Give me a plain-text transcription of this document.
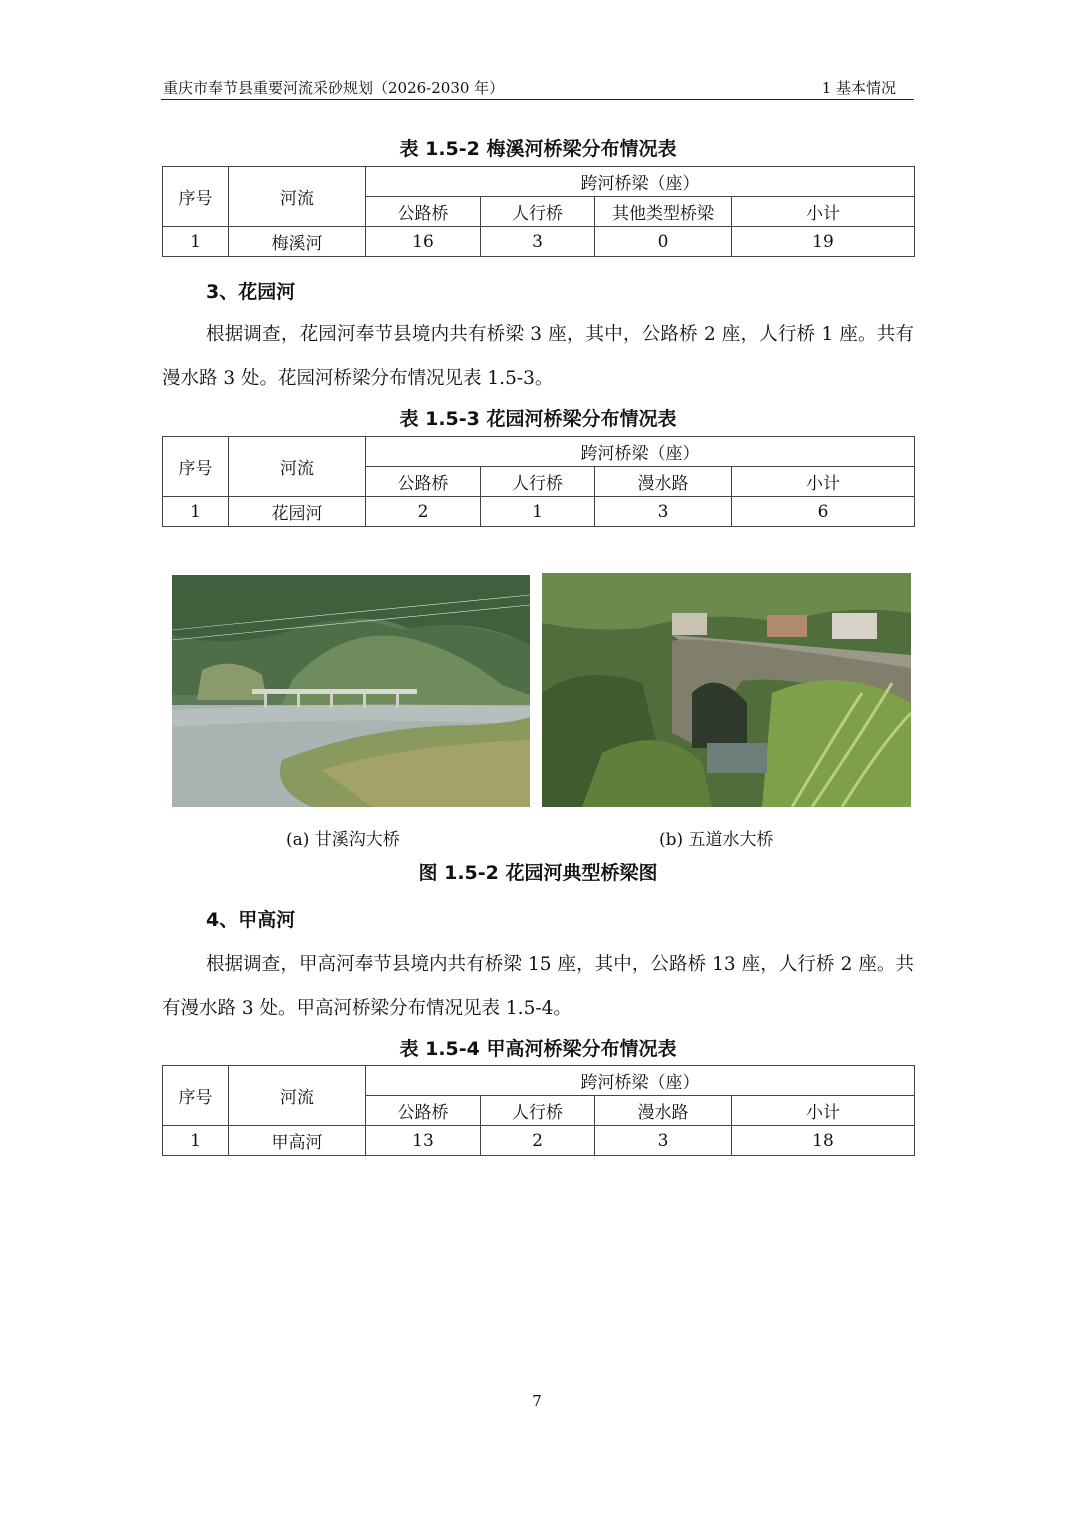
重庆市奉节县重要河流采砂规划（2026-2030 年）	1 基本情况
表 1.5-2 梅溪河桥梁分布情况表
序号	河流	跨河桥梁（座）			
		公路桥	人行桥	其他类型桥梁	小计
1	梅溪河	16	3	0	19
3、花园河

根据调查，花园河奉节县境内共有桥梁 3 座，其中，公路桥 2 座，人行桥 1 座。共有漫水路 3 处。花园河桥梁分布情况见表 1.5-3。

表 1.5-3 花园河桥梁分布情况表
序号	河流	跨河桥梁（座）			
		公路桥	人行桥	漫水路	小计
1	花园河	2	1	3	6
(a) 甘溪沟大桥	(b) 五道水大桥
图 1.5-2 花园河典型桥梁图
4、甲高河

根据调查，甲高河奉节县境内共有桥梁 15 座，其中，公路桥 13 座，人行桥 2 座。共有漫水路 3 处。甲高河桥梁分布情况见表 1.5-4。

表 1.5-4 甲高河桥梁分布情况表
序号	河流	跨河桥梁（座）			
		公路桥	人行桥	漫水路	小计
1	甲高河	13	2	3	18
7
